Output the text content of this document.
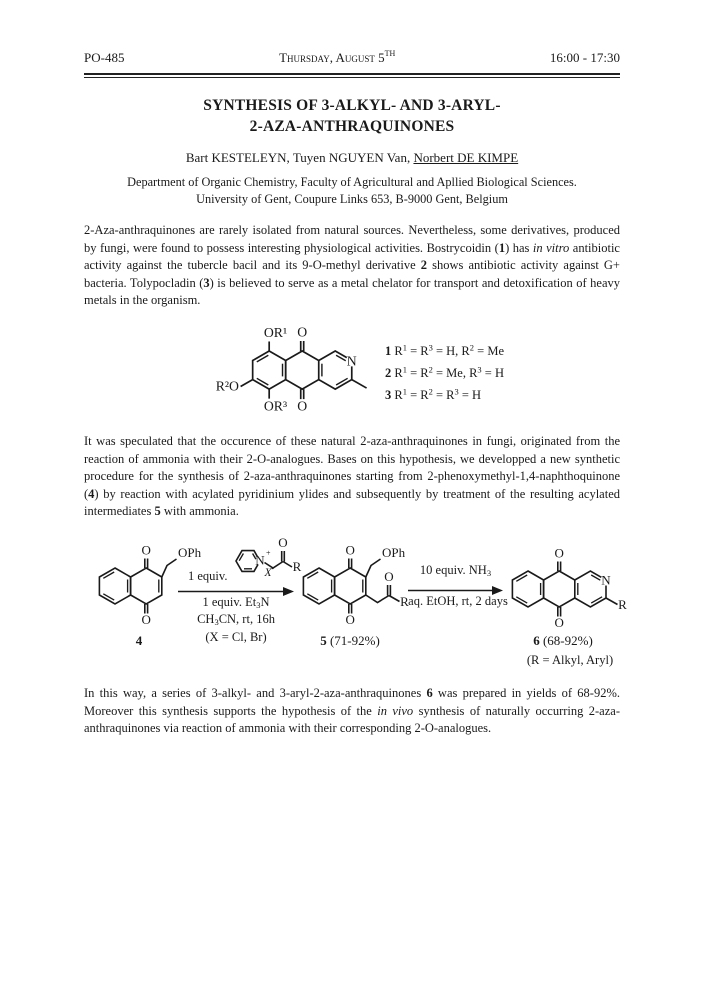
PO-485	Thursday, August 5TH	16:00 - 17:30
SYNTHESIS OF 3-ALKYL- AND 3-ARYL-
2-AZA-ANTHRAQUINONES
Bart KESTELEYN, Tuyen NGUYEN Van, Norbert DE KIMPE
Department of Organic Chemistry, Faculty of Agricultural and Apllied Biological Sciences.
University of Gent, Coupure Links 653, B-9000 Gent, Belgium

2-Aza-anthraquinones are rarely isolated from natural sources. Nevertheless, some derivatives, produced by fungi, were found to possess interesting physiological activities. Bostrycoidin (1) has in vitro antibiotic activity against the tubercle bacil and its 9-O-methyl derivative 2 shows antibiotic activity against G+ bacteria. Tolypocladin (3) is believed to serve as a metal chelator for transport and detoxification of heavy metals in the organism.

O
O
OR¹
R²O
OR³
N
1 $R^1 = R^3 = H$, $R^2 = Me$
2 $R^1 = R^2 = Me$, $R^3 = H$
3 $R^1 = R^2 = R^3 = H$

It was speculated that the occurence of these natural 2-aza-anthraquinones in fungi, originated from the reaction of ammonia with their 2-O-analogues. Bases on this hypothesis, we developped a new synthetic procedure for the synthesis of 2-aza-anthraquinones starting from 2-phenoxymethyl-1,4-naphthoquinone (4) by reaction with acylated pyridinium ylides and subsequently by treatment of the resulting acylated intermediates 5 with ammonia.

O
O
OPh
4
1 equiv.
N +
O
R
X -
1 equiv. $Et_3N$
$CH_3CN$, rt, 16h
(X = Cl, Br)
O
O
OPh
O
R
5 (71-92%)
10 equiv. $NH_3$
aq. EtOH, rt, 2 days
O
O
N
R
6 (68-92%)
(R = Alkyl, Aryl)

In this way, a series of 3-alkyl- and 3-aryl-2-aza-anthraquinones 6 was prepared in yields of 68-92%. Moreover this synthesis supports the hypothesis of the in vivo synthesis of naturally occurring 2-aza-anthraquinones via reaction of ammonia with their corresponding 2-O-analogues.
